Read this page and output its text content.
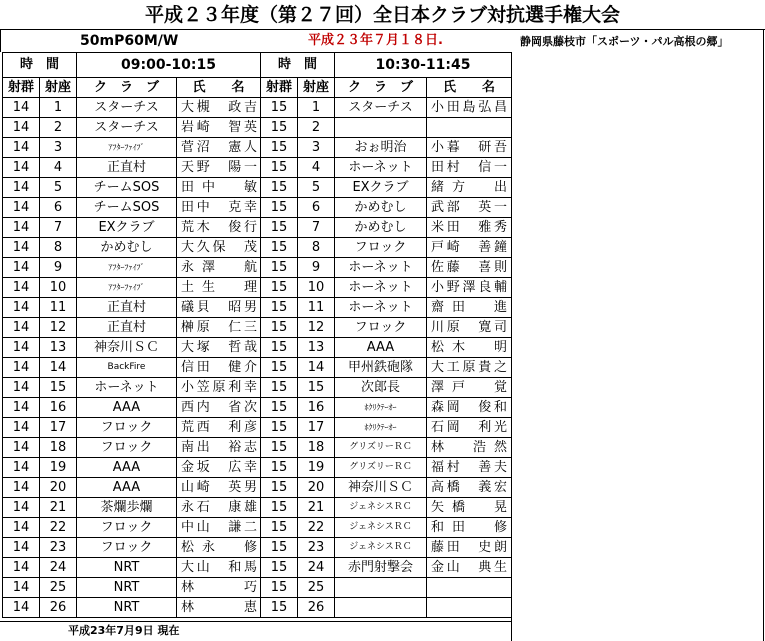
平成２３年度（第２７回）全日本クラブ対抗選手権大会
50mP60M/W	平成２３年７月１８日.	静岡県藤枝市「スポーツ・パル高根の郷」
時　間		09:00-10:15		時　間		10:30-11:45	
射群	射座	ク　ラ　ブ	氏　　名	射群	射座	ク　ラ　ブ	氏　　名
14	1	スターチス	大槻　政吉	15	1	スターチス	小田島弘昌

14	2	スターチス	岩崎　智英	15	2		

14	3	ｱﾌﾀｰﾌｧｲﾌﾞ	菅沼　憲人	15	3	おぉ明治	小暮　研吾

14	4	正直村	天野　陽一	15	4	ホーネット	田村　信一

14	5	チームSOS	田中　敏	15	5	EXクラブ	緒方　出

14	6	チームSOS	田中　克幸	15	6	かめむし	武部　英一

14	7	EXクラブ	荒木　俊行	15	7	かめむし	米田　雅秀

14	8	かめむし	大久保　茂	15	8	フロック	戸崎　善鐘

14	9	ｱﾌﾀｰﾌｧｲﾌﾞ	永澤　航	15	9	ホーネット	佐藤　喜則

14	10	ｱﾌﾀｰﾌｧｲﾌﾞ	土生　理	15	10	ホーネット	小野澤良輔

14	11	正直村	礒貝　昭男	15	11	ホーネット	齋田　進

14	12	正直村	榊原　仁三	15	12	フロック	川原　寛司

14	13	神奈川ＳＣ	大塚　哲哉	15	13	AAA	松木　明

14	14	BackFire	信田　健介	15	14	甲州鉄砲隊	大工原貴之

14	15	ホーネット	小笠原利幸	15	15	次郎長	澤戸　覚

14	16	AAA	西内　省次	15	16	ﾎｸﾘｸﾃｰｵｰ	森岡　俊和

14	17	フロック	荒西　利彦	15	17	ﾎｸﾘｸﾃｰｵｰ	石岡　利光

14	18	フロック	南出　裕志	15	18	グリズリーＲＣ	林　浩然

14	19	AAA	金坂　広幸	15	19	グリズリーＲＣ	福村　善夫

14	20	AAA	山崎　英男	15	20	神奈川ＳＣ	高橋　義宏

14	21	茶爛歩爛	永石　康雄	15	21	ジェネシスＲＣ	矢橋　晃

14	22	フロック	中山　謙二	15	22	ジェネシスＲＣ	和田　修

14	23	フロック	松永　修	15	23	ジェネシスＲＣ	藤田　史朗

14	24	NRT	大山　和馬	15	24	赤門射撃会	金山　典生

14	25	NRT	林　巧	15	25		

14	26	NRT	林　恵	15	26		
平成23年7月9日 現在
